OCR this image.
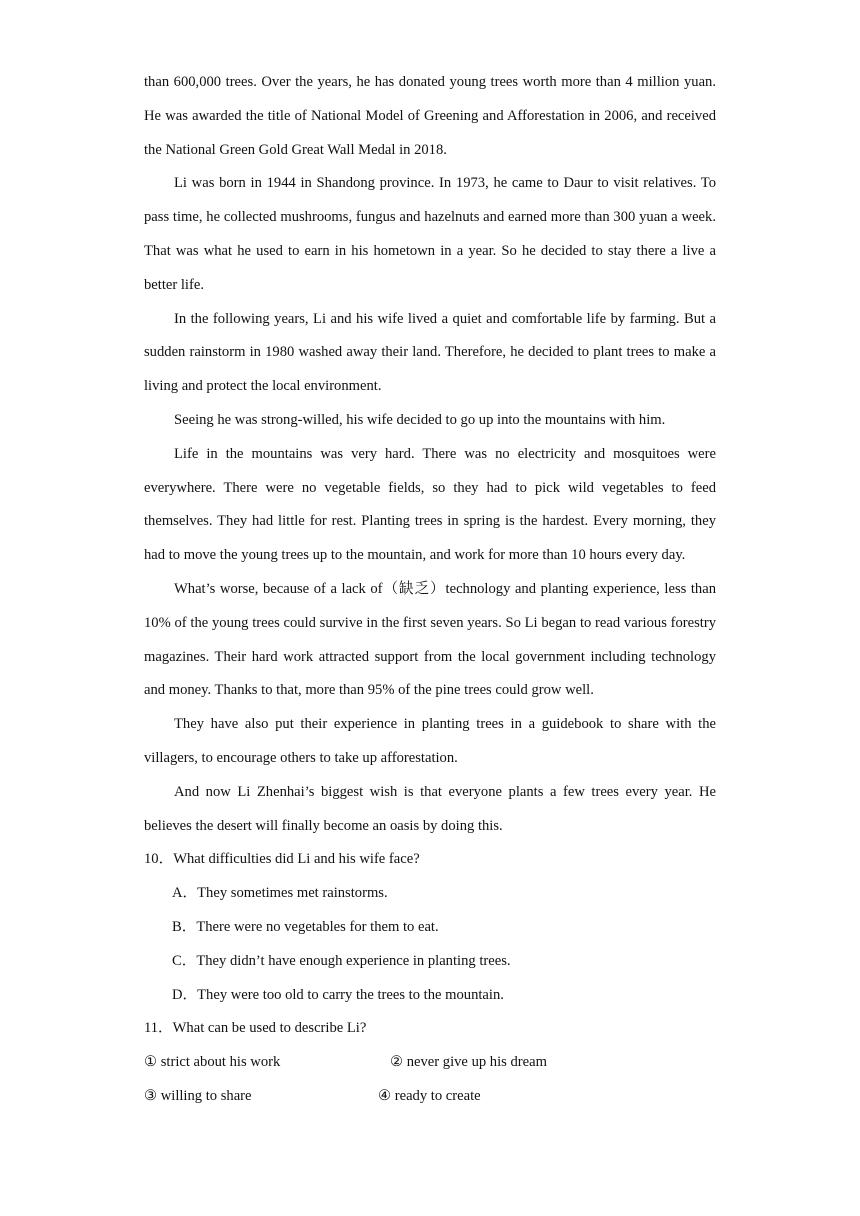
than 600,000 trees. Over the years, he has donated young trees worth more than 4 million yuan. He was awarded the title of National Model of Greening and Afforestation in 2006, and received the National Green Gold Great Wall Medal in 2018.

Li was born in 1944 in Shandong province. In 1973, he came to Daur to visit relatives. To pass time, he collected mushrooms, fungus and hazelnuts and earned more than 300 yuan a week. That was what he used to earn in his hometown in a year. So he decided to stay there a live a better life.

In the following years, Li and his wife lived a quiet and comfortable life by farming. But a sudden rainstorm in 1980 washed away their land. Therefore, he decided to plant trees to make a living and protect the local environment.

Seeing he was strong-willed, his wife decided to go up into the mountains with him.

Life in the mountains was very hard. There was no electricity and mosquitoes were everywhere. There were no vegetable fields, so they had to pick wild vegetables to feed themselves. They had little for rest. Planting trees in spring is the hardest. Every morning, they had to move the young trees up to the mountain, and work for more than 10 hours every day.

What’s worse, because of a lack of（缺乏）technology and planting experience, less than 10% of the young trees could survive in the first seven years. So Li began to read various forestry magazines. Their hard work attracted support from the local government including technology and money. Thanks to that, more than 95% of the pine trees could grow well.

They have also put their experience in planting trees in a guidebook to share with the villagers, to encourage others to take up afforestation.

And now Li Zhenhai’s biggest wish is that everyone plants a few trees every year. He believes the desert will finally become an oasis by doing this.

10．What difficulties did Li and his wife face?

A．They sometimes met rainstorms.

B．There were no vegetables for them to eat.

C．They didn’t have enough experience in planting trees.

D．They were too old to carry the trees to the mountain.

11．What can be used to describe Li?

① strict about his work	② never give up his dream
③ willing to share	④ ready to create
